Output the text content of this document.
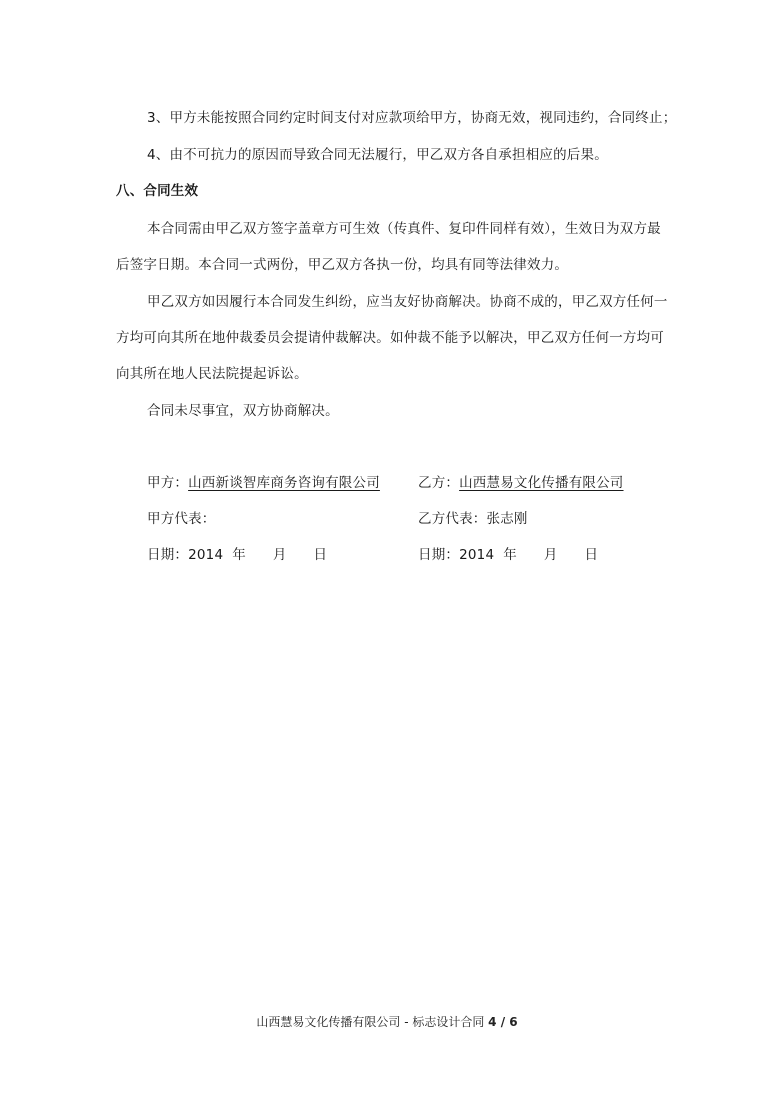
3、甲方未能按照合同约定时间支付对应款项给甲方，协商无效，视同违约，合同终止；
4、由不可抗力的原因而导致合同无法履行，甲乙双方各自承担相应的后果。
八、合同生效
本合同需由甲乙双方签字盖章方可生效（传真件、复印件同样有效），生效日为双方最
后签字日期。本合同一式两份，甲乙双方各执一份，均具有同等法律效力。
甲乙双方如因履行本合同发生纠纷，应当友好协商解决。协商不成的，甲乙双方任何一
方均可向其所在地仲裁委员会提请仲裁解决。如仲裁不能予以解决，甲乙双方任何一方均可
向其所在地人民法院提起诉讼。
合同未尽事宜，双方协商解决。
甲方：山西新谈智库商务咨询有限公司	乙方：山西慧易文化传播有限公司
甲方代表：	乙方代表：张志刚
日期：2014  年      月      日	日期：2014  年      月      日
山西慧易文化传播有限公司 - 标志设计合同 4 / 6
